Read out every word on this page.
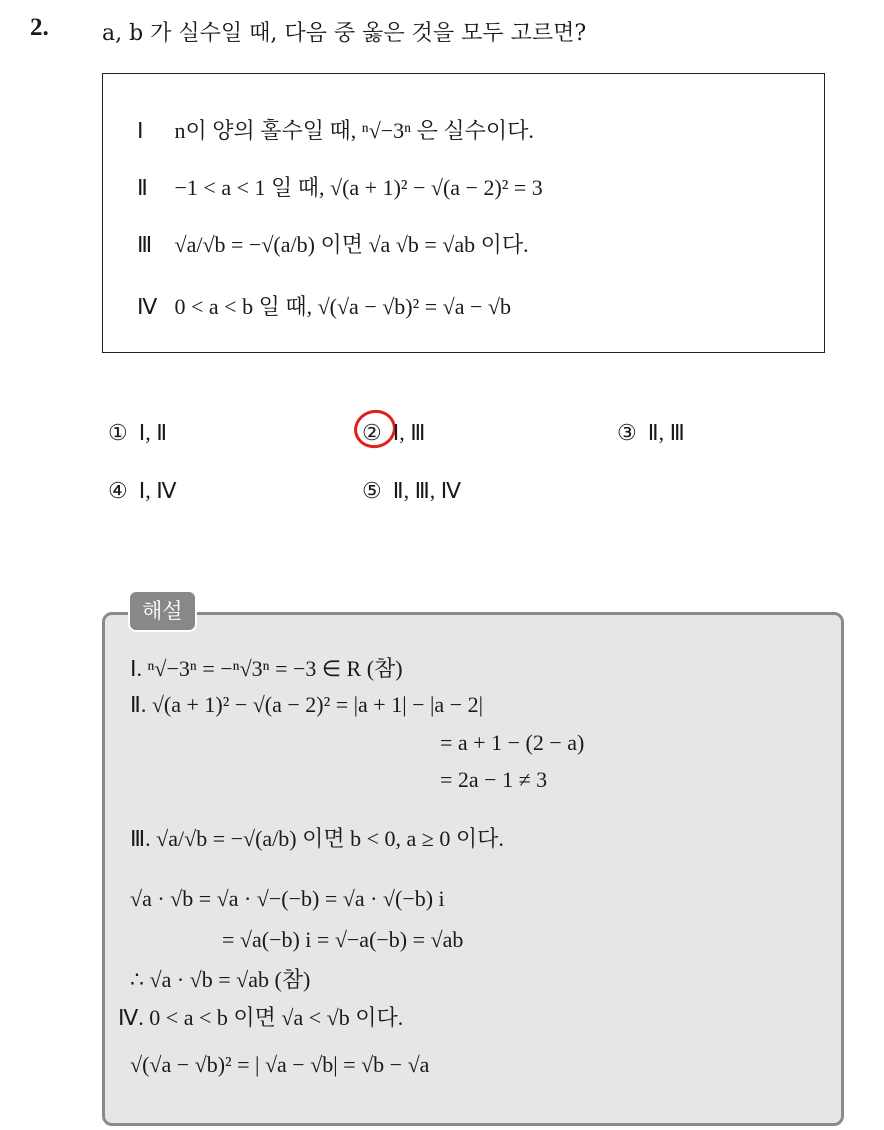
2. a, b 가 실수일 때, 다음 중 옳은 것을 모두 고르면?
Ⅰ n이 양의 홀수일 때, ⁿ√−3ⁿ 은 실수이다.
Ⅱ −1 < a < 1 일 때, √(a + 1)² − √(a − 2)² = 3
Ⅲ √a/√b = −√(a/b) 이면 √a √b = √ab 이다.
Ⅳ 0 < a < b 일 때, √(√a − √b)² = √a − √b
① Ⅰ, Ⅱ	② Ⅰ, Ⅲ	③ Ⅱ, Ⅲ
④ Ⅰ, Ⅳ	⑤ Ⅱ, Ⅲ, Ⅳ
해설
Ⅰ. ⁿ√−3ⁿ = −ⁿ√3ⁿ = −3 ∈ R (참)
Ⅱ. √(a + 1)² − √(a − 2)² = |a + 1| − |a − 2|
= a + 1 − (2 − a)
= 2a − 1 ≠ 3
Ⅲ. √a/√b = −√(a/b) 이면 b < 0, a ≥ 0 이다.
√a · √b = √a · √−(−b) = √a · √(−b) i
= √a(−b) i = √−a(−b) = √ab
∴ √a · √b = √ab (참)
Ⅳ. 0 < a < b 이면 √a < √b 이다.
√(√a − √b)² = | √a − √b| = √b − √a
